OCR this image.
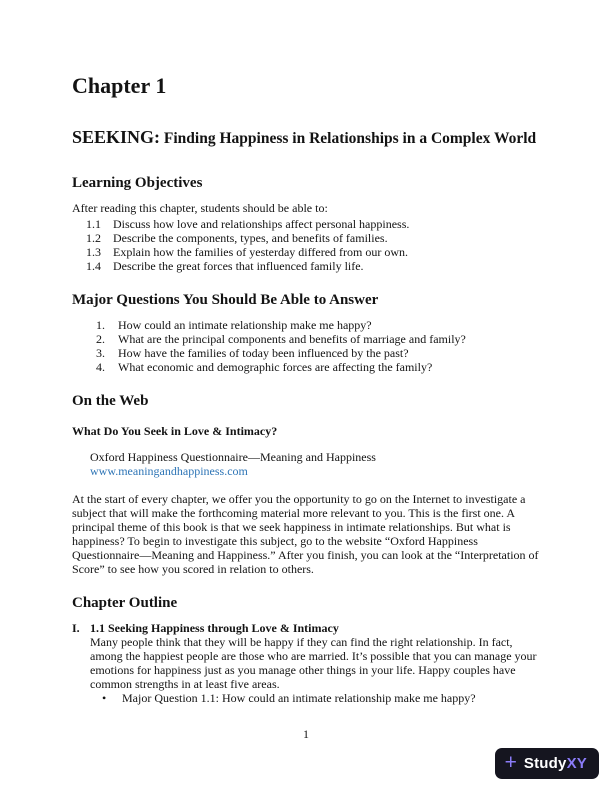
Chapter 1
SEEKING: Finding Happiness in Relationships in a Complex World
Learning Objectives

After reading this chapter, students should be able to:

1.1	Discuss how love and relationships affect personal happiness.
1.2	Describe the components, types, and benefits of families.
1.3	Explain how the families of yesterday differed from our own.
1.4	Describe the great forces that influenced family life.
Major Questions You Should Be Able to Answer
1.	How could an intimate relationship make me happy?
2.	What are the principal components and benefits of marriage and family?
3.	How have the families of today been influenced by the past?
4.	What economic and demographic forces are affecting the family?
On the Web
What Do You Seek in Love & Intimacy?
Oxford Happiness Questionnaire—Meaning and Happiness
www.meaningandhappiness.com

At the start of every chapter, we offer you the opportunity to go on the Internet to investigate a subject that will make the forthcoming material more relevant to you. This is the first one. A principal theme of this book is that we seek happiness in intimate relationships. But what is happiness? To begin to investigate this subject, go to the website “Oxford Happiness Questionnaire—Meaning and Happiness.” After you finish, you can look at the “Interpretation of Score” to see how you scored in relation to others.

Chapter Outline
I. 1.1 Seeking Happiness through Love & Intimacy
Many people think that they will be happy if they can find the right relationship. In fact, among the happiest people are those who are married. It’s possible that you can manage your emotions for happiness just as you manage other things in your life. Happy couples have common strengths in at least five areas.
•	Major Question 1.1: How could an intimate relationship make me happy?
1
+ Study XY
